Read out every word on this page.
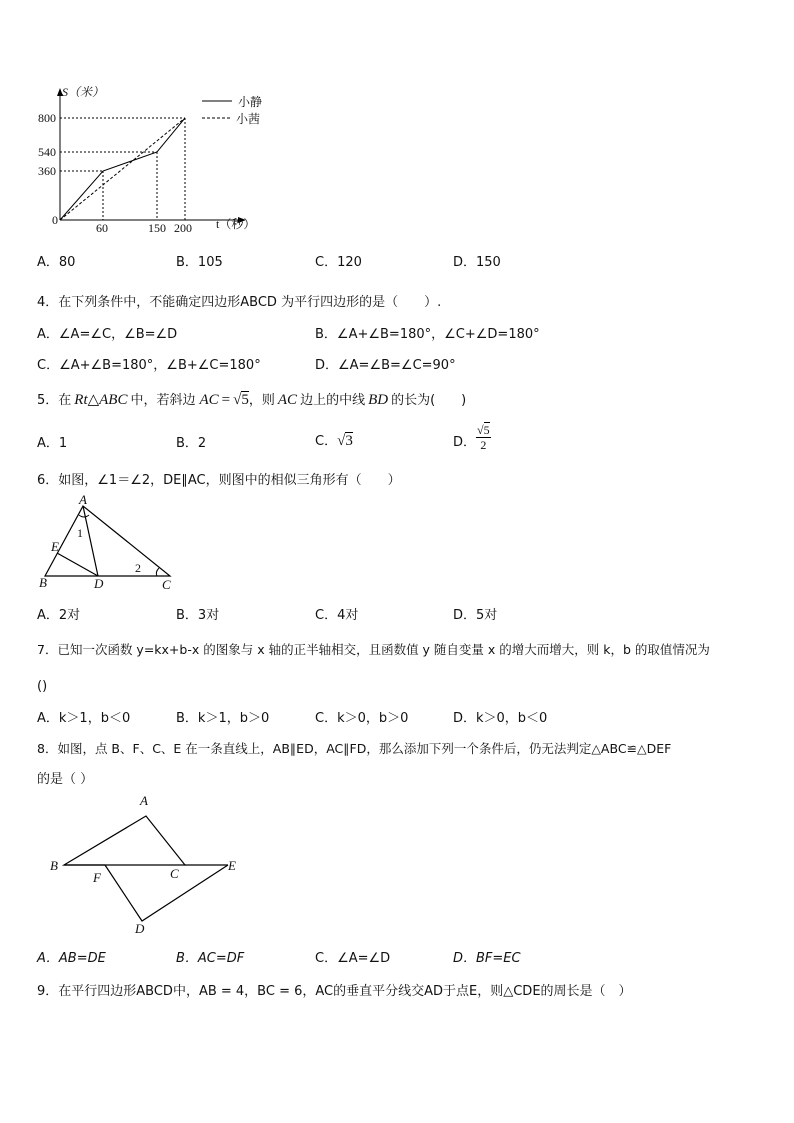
S（米）
t（秒）
800
540
360
0
60	150 200
小静
小茜
A．80	B．105	C．120	D．150
4．在下列条件中，不能确定四边形ABCD 为平行四边形的是（　　）.
A．∠A=∠C，∠B=∠D	B．∠A+∠B=180°，∠C+∠D=180°
C．∠A+∠B=180°，∠B+∠C=180°	D．∠A=∠B=∠C=90°
5．在 Rt△ABC 中，若斜边 AC = √5 ，则 AC 边上的中线 BD 的长为(　　)
A．1	B．2	C． √3	D．
√5
2
6．如图，∠1＝∠2，DE∥AC，则图中的相似三角形有（　　）
A
E
1
B	D
2
C
A．2对	B．3对	C．4对	D．5对
7．已知一次函数 y=kx+b-x 的图象与 x 轴的正半轴相交，且函数值 y 随自变量 x 的增大而增大，则 k，b 的取值情况为
()
A．k＞1，b＜0	B．k＞1，b＞0	C．k＞0，b＞0	D．k＞0，b＜0
8．如图，点 B、F、C、E 在一条直线上，AB∥ED，AC∥FD，那么添加下列一个条件后，仍无法判定△ABC≌△DEF
的是（ ）
A
B
F	C
E
D
A．AB=DE	B．AC=DF	C．∠A=∠D	D．BF=EC
9．在平行四边形ABCD中，AB = 4，BC = 6，AC的垂直平分线交AD于点E，则△CDE的周长是（　）
